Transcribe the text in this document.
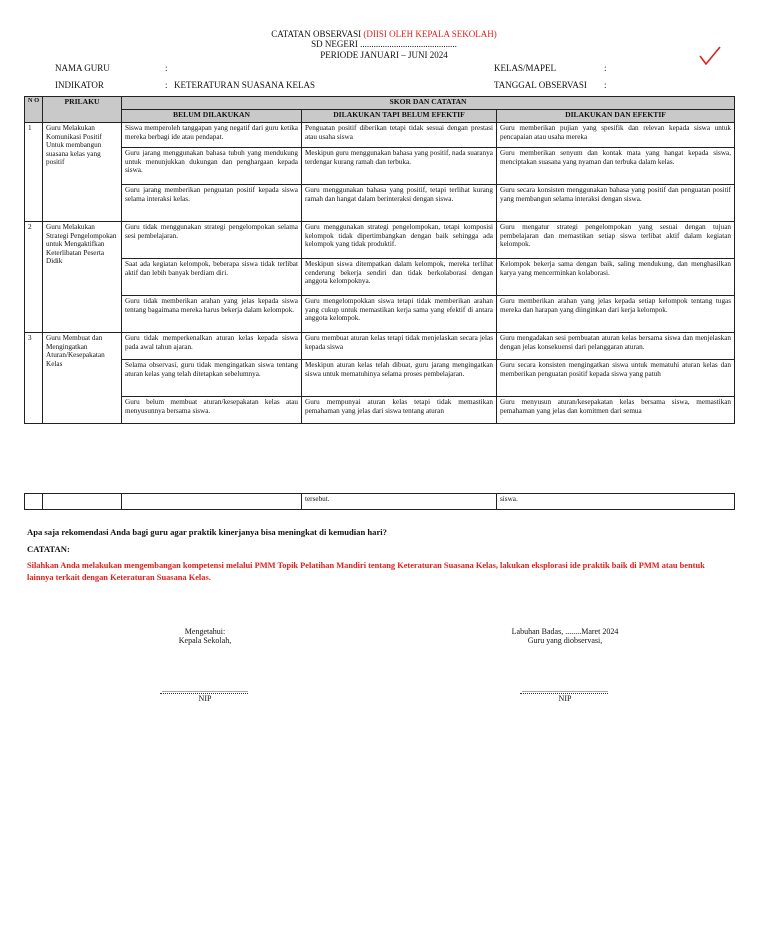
CATATAN OBSERVASI (DIISI OLEH KEPALA SEKOLAH)
SD NEGERI ...........................................
PERIODE JANUARI – JUNI 2024
NAMA GURU	:	KELAS/MAPEL	:
INDIKATOR	: KETERATURAN SUASANA KELAS	TANGGAL OBSERVASI :
N O	PRILAKU	SKOR DAN CATATAN		
		BELUM DILAKUKAN	DILAKUKAN TAPI BELUM EFEKTIF	DILAKUKAN DAN EFEKTIF
1	Guru Melakukan Komunikasi Positif Untuk membangun suasana kelas yang positif	Siswa memperoleh tanggapan yang negatif dari guru ketika mereka berbagi ide atau pendapat.	Penguatan positif diberikan tetapi tidak sesuai dengan prestasi atau usaha siswa	Guru memberikan pujian yang spesifik dan relevan kepada siswa untuk pencapaian atau usaha mereka
		Guru jarang menggunakan bahasa tubuh yang mendukung untuk menunjukkan dukungan dan penghargaan kepada siswa.	Meskipun guru menggunakan bahasa yang positif, nada suaranya terdengar kurang ramah dan terbuka.	Guru memberikan senyum dan kontak mata yang hangat kepada siswa, menciptakan suasana yang nyaman dan terbuka dalam kelas.
		Guru jarang memberikan penguatan positif kepada siswa selama interaksi kelas.	Guru menggunakan bahasa yang positif, tetapi terlihat kurang ramah dan hangat dalam berinteraksi dengan siswa.	Guru secara konsisten menggunakan bahasa yang positif dan penguatan positif yang membangun selama interaksi dengan siswa.
2	Guru Melakukan Strategi Pengelompokan untuk Mengaktifkan Keterlibatan Peserta Didik	Guru tidak menggunakan strategi pengelompokan selama sesi pembelajaran.	Guru menggunakan strategi pengelompokan, tetapi komposisi kelompok tidak dipertimbangkan dengan baik sehingga ada kelompok yang tidak produktif.	Guru mengatur strategi pengelompokan yang sesuai dengan tujuan pembelajaran dan memastikan setiap siswa terlibat aktif dalam kegiatan kelompok.
		Saat ada kegiatan kelompok, beberapa siswa tidak terlibat aktif dan lebih banyak berdiam diri.	Meskipun siswa ditempatkan dalam kelompok, mereka terlihat cenderung bekerja sendiri dan tidak berkolaborasi dengan anggota kelompoknya.	Kelompok bekerja sama dengan baik, saling mendukung, dan menghasilkan karya yang mencerminkan kolaborasi.
		Guru tidak memberikan arahan yang jelas kepada siswa tentang bagaimana mereka harus bekerja dalam kelompok.	Guru mengelompokkan siswa tetapi tidak memberikan arahan yang cukup untuk memastikan kerja sama yang efektif di antara anggota kelompok.	Guru memberikan arahan yang jelas kepada setiap kelompok tentang tugas mereka dan harapan yang diinginkan dari kerja kelompok.
3	Guru Membuat dan Mengingatkan Aturan/Kesepakatan Kelas	Guru tidak memperkenalkan aturan kelas kepada siswa pada awal tahun ajaran.	Guru membuat aturan kelas tetapi tidak menjelaskan secara jelas kepada siswa	Guru mengadakan sesi pembuatan aturan kelas bersama siswa dan menjelaskan dengan jelas konsekuensi dari pelanggaran aturan.
		Selama observasi, guru tidak mengingatkan siswa tentang aturan kelas yang telah ditetapkan sebelumnya.	Meskipun aturan kelas telah dibuat, guru jarang mengingatkan siswa untuk mematuhinya selama proses pembelajaran.	Guru secara konsisten mengingatkan siswa untuk mematuhi aturan kelas dan memberikan penguatan positif kepada siswa yang patuh
		Guru belum membuat aturan/kesepakatan kelas atau menyusunnya bersama siswa.	Guru mempunyai aturan kelas tetapi tidak memastikan pemahaman yang jelas dari siswa tentang aturan	Guru menyusun aturan/kesepakatan kelas bersama siswa, memastikan pemahaman yang jelas dan komitmen dari semua
			tersebut.	siswa.
Apa saja rekomendasi Anda bagi guru agar praktik kinerjanya bisa meningkat di kemudian hari?
CATATAN:
Silahkan Anda melakukan mengembangan kompetensi melalui PMM Topik Pelatihan Mandiri tentang Keteraturan Suasana Kelas, lakukan eksplorasi ide praktik baik di PMM atau bentuk lainnya terkait dengan Keteraturan Suasana Kelas.
Mengetahui:
Kepala Sekolah,
...........................................
NIP
Labuhan Badas, ........Maret 2024
Guru yang diobservasi,
...........................................
NIP
